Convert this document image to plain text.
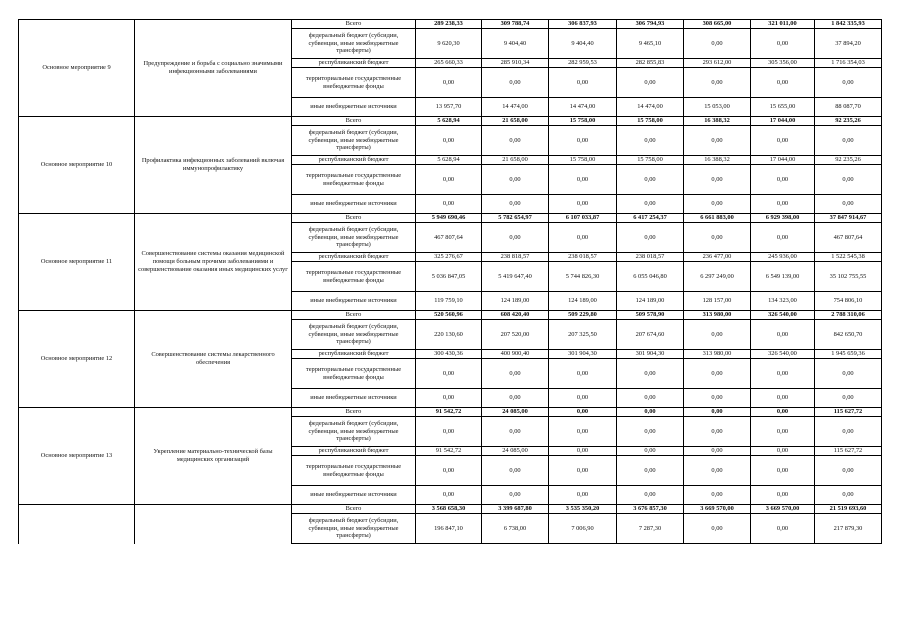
Основное мероприятие 9	Предупреждение и борьба с социально значимыми инфекционными заболеваниями	Всего	289 238,33	309 788,74	306 837,93	306 794,93	308 665,00	321 011,00	1 842 335,93
		федеральный бюджет (субсидии, субвенции, иные межбюджетные трансферты)	9 620,30	9 404,40	9 404,40	9 465,10	0,00	0,00	37 894,20
		республиканский бюджет	265 660,33	285 910,34	282 959,53	282 855,83	293 612,00	305 356,00	1 716 354,03
		территориальные государственные внебюджетные фонды	0,00	0,00	0,00	0,00	0,00	0,00	0,00
		иные внебюджетные источники	13 957,70	14 474,00	14 474,00	14 474,00	15 053,00	15 655,00	88 087,70
Основное мероприятие 10	Профилактика инфекционных заболеваний включая иммунопрофилактику	Всего	5 628,94	21 658,00	15 758,00	15 758,00	16 388,32	17 044,00	92 235,26
		федеральный бюджет (субсидии, субвенции, иные межбюджетные трансферты)	0,00	0,00	0,00	0,00	0,00	0,00	0,00
		республиканский бюджет	5 628,94	21 658,00	15 758,00	15 758,00	16 388,32	17 044,00	92 235,26
		территориальные государственные внебюджетные фонды	0,00	0,00	0,00	0,00	0,00	0,00	0,00
		иные внебюджетные источники	0,00	0,00	0,00	0,00	0,00	0,00	0,00
Основное мероприятие 11	Совершенствование системы оказания медицинской помощи больным прочими заболеваниями и совершенствование оказания иных медицинских услуг	Всего	5 949 690,46	5 782 654,97	6 107 033,87	6 417 254,37	6 661 883,00	6 929 398,00	37 847 914,67
		федеральный бюджет (субсидии, субвенции, иные межбюджетные трансферты)	467 807,64	0,00	0,00	0,00	0,00	0,00	467 807,64
		республиканский бюджет	325 276,67	238 818,57	238 018,57	238 018,57	236 477,00	245 936,00	1 522 545,38
		территориальные государственные внебюджетные фонды	5 036 847,05	5 419 647,40	5 744 826,30	6 055 046,80	6 297 249,00	6 549 139,00	35 102 755,55
		иные внебюджетные источники	119 759,10	124 189,00	124 189,00	124 189,00	128 157,00	134 323,00	754 806,10
Основное мероприятие 12	Совершенствование системы лекарственного обеспечения	Всего	520 560,96	608 420,40	509 229,80	509 578,90	313 980,00	326 540,00	2 788 310,06
		федеральный бюджет (субсидии, субвенции, иные межбюджетные трансферты)	220 130,60	207 520,00	207 325,50	207 674,60	0,00	0,00	842 650,70
		республиканский бюджет	300 430,36	400 900,40	301 904,30	301 904,30	313 980,00	326 540,00	1 945 659,36
		территориальные государственные внебюджетные фонды	0,00	0,00	0,00	0,00	0,00	0,00	0,00
		иные внебюджетные источники	0,00	0,00	0,00	0,00	0,00	0,00	0,00
Основное мероприятие 13	Укрепление материально-технической базы медицинских организаций	Всего	91 542,72	24 085,00	0,00	0,00	0,00	0,00	115 627,72
		федеральный бюджет (субсидии, субвенции, иные межбюджетные трансферты)	0,00	0,00	0,00	0,00	0,00	0,00	0,00
		республиканский бюджет	91 542,72	24 085,00	0,00	0,00	0,00	0,00	115 627,72
		территориальные государственные внебюджетные фонды	0,00	0,00	0,00	0,00	0,00	0,00	0,00
		иные внебюджетные источники	0,00	0,00	0,00	0,00	0,00	0,00	0,00
		Всего	3 568 658,30	3 399 687,80	3 535 350,20	3 676 857,30	3 669 570,00	3 669 570,00	21 519 693,60
		федеральный бюджет (субсидии, субвенции, иные межбюджетные трансферты)	196 847,10	6 738,00	7 006,90	7 287,30	0,00	0,00	217 879,30
